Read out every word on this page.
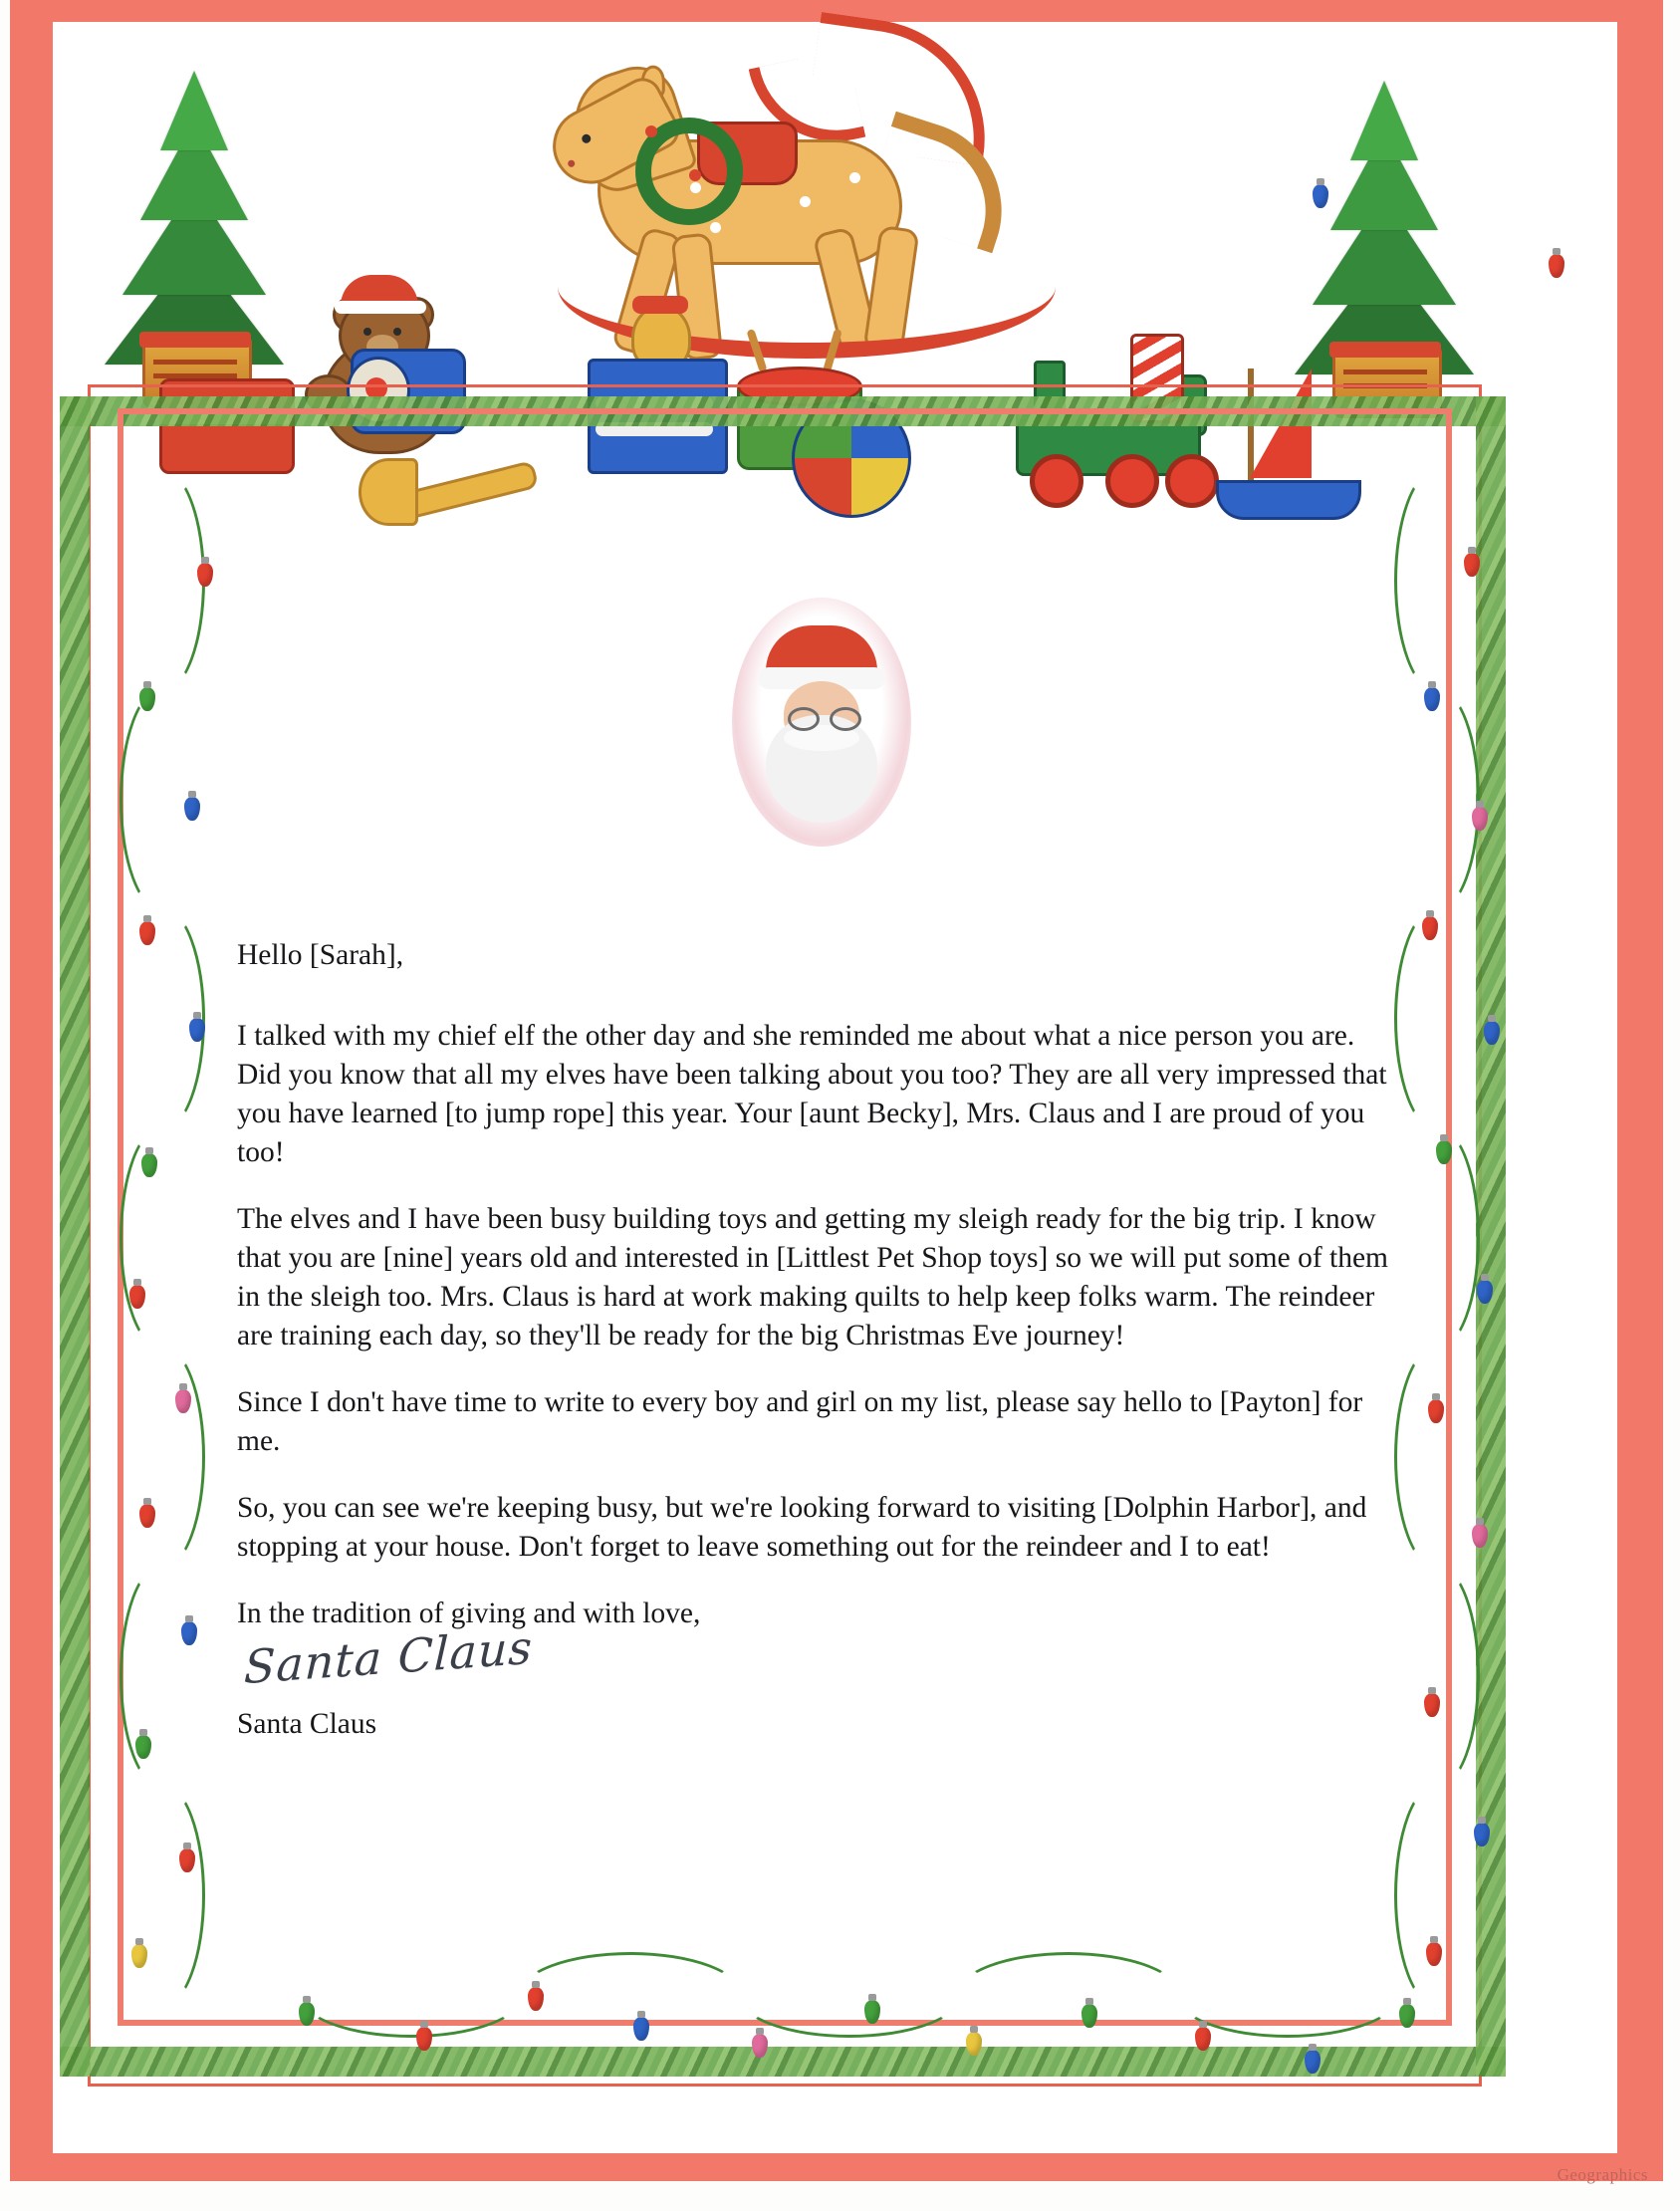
Hello [Sarah],

I talked with my chief elf the other day and she reminded me about what a nice person you are. Did you know that all my elves have been talking about you too? They are all very impressed that you have learned [to jump rope] this year. Your [aunt Becky], Mrs. Claus and I are proud of you too!

The elves and I have been busy building toys and getting my sleigh ready for the big trip. I know that you are [nine] years old and interested in [Littlest Pet Shop toys] so we will put some of them in the sleigh too. Mrs. Claus is hard at work making quilts to help keep folks warm. The reindeer are training each day, so they'll be ready for the big Christmas Eve journey!

Since I don't have time to write to every boy and girl on my list, please say hello to [Payton] for me.

So, you can see we're keeping busy, but we're looking forward to visiting [Dolphin Harbor], and stopping at your house. Don't forget to leave something out for the reindeer and I to eat!

In the tradition of giving and with love,

Santa Claus
Santa Claus
Geographics
